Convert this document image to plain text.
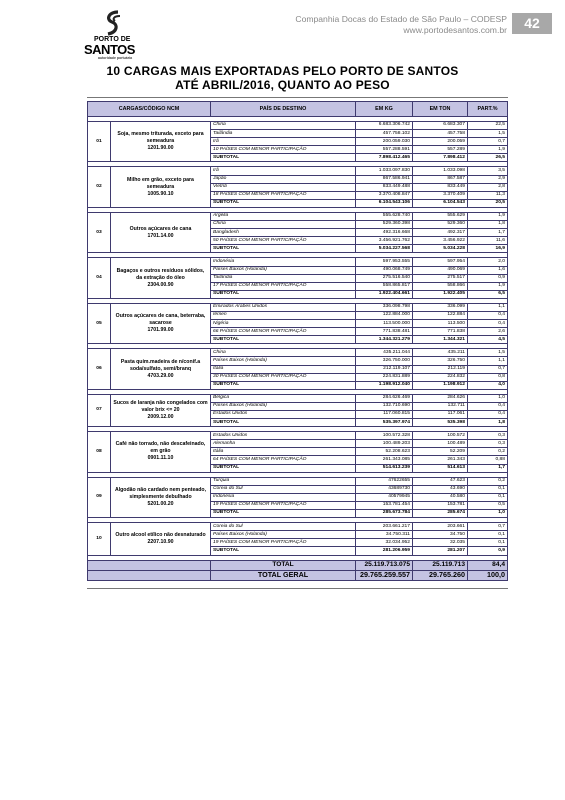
PORTO DE
SANTOS
autoridade portuária
Companhia Docas do Estado de São Paulo – CODESP
www.portodesantos.com.br	42
10 CARGAS MAIS EXPORTADAS PELO PORTO DE SANTOS
ATÉ ABRIL/2016, QUANTO AO PESO
CARGAS/CÓDIGO NCM		PAÍS DE DESTINO	EM KG	EM TON	PART.%

01	Soja, mesmo triturada, exceto para semeadura
1201.90.00	China	6.683.306.742	6.683.307	22,5
		Tailândia	457.758.102	457.758	1,5
		Irã	200.059.030	200.059	0,7
		10 PAÍSES COM MENOR PARTICIPAÇÃO	557.288.591	557.289	1,9
		SUBTOTAL	7.898.412.465	7.898.412	26,5

02	Milho em grão, exceto para semeadura
1005.90.10	Irã	1.033.097.830	1.033.098	3,5
		Japão	867.586.941	867.587	2,9
		Vietnã	833.449.488	833.449	2,8
		18 PAÍSES COM MENOR PARTICIPAÇÃO	3.370.408.847	3.370.409	11,3
		SUBTOTAL	6.104.543.106	6.104.543	20,5

03	Outros açúcares de cana
1701.14.00	Argélia	555.628.740	555.629	1,9
		China	529.360.398	529.360	1,8
		Bangladesh	492.316.668	492.317	1,7
		50 PAÍSES COM MENOR PARTICIPAÇÃO	3.456.921.762	3.456.922	11,6
		SUBTOTAL	5.034.227.568	5.034.228	16,9

04	Bagaços e outros resíduos sólidos, da extração do óleo
2304.00.90	Indonésia	597.953.555	597.954	2,0
		Países Baixos (Holanda)	490.068.749	490.069	1,6
		Tailândia	275.516.540	275.517	0,9
		17 PAÍSES COM MENOR PARTICIPAÇÃO	558.865.817	558.866	1,9
		SUBTOTAL	1.922.404.661	1.922.405	6,5

05	Outros açúcares de cana, beterraba, sacarose
1701.99.00	Emirados Árabes Unidos	336.098.798	336.099	1,1
		Iêmen	122.884.000	122.884	0,4
		Nigéria	113.500.000	113.500	0,4
		66 PAÍSES COM MENOR PARTICIPAÇÃO	771.838.481	771.838	2,6
		SUBTOTAL	1.344.321.279	1.344.321	4,5

06	Pasta quím.madeira de n/conif.a soda/sulfato, semi/branq
4703.29.00	China	435.211.044	435.211	1,5
		Países Baixos (Holanda)	326.750.000	326.750	1,1
		Itália	212.119.107	212.119	0,7
		30 PAÍSES COM MENOR PARTICIPAÇÃO	224.831.889	224.832	0,8
		SUBTOTAL	1.198.912.040	1.198.912	4,0

07	Sucos de laranja não congelados com valor brix <= 20
2009.12.00	Bélgica	284.626.469	284.626	1,0
		Países Baixos (Holanda)	132.710.690	132.711	0,4
		Estados Unidos	117.060.815	117.061	0,4
		SUBTOTAL	535.397.974	535.398	1,8

08	Café não torrado, não descafeinado, em grão
0901.11.10	Estados Unidos	100.572.328	100.572	0,3
		Alemanha	100.489.203	100.489	0,3
		Itália	52.208.623	52.209	0,2
		64 PAÍSES COM MENOR PARTICIPAÇÃO	261.343.085	261.343	0,88
		SUBTOTAL	514.613.239	514.613	1,7

09	Algodão não cardado nem penteado, simplesmente debulhado
5201.00.20	Turquia	47622655	47.623	0,2
		Coreia do Sul	43689730	43.690	0,1
		Indonésia	40579945	40.580	0,1
		19 PAÍSES COM MENOR PARTICIPAÇÃO	153.781.454	153.781	0,5
		SUBTOTAL	285.673.784	285.674	1,0

10	Outro alcool etílico não desnaturado
2207.10.90	Coreia do Sul	203.661.217	203.661	0,7
		Países Baixos (Holanda)	34.750.311	34.750	0,1
		19 PAÍSES COM MENOR PARTICIPAÇÃO	32.034.952	32.035	0,1
		SUBTOTAL	281.206.959	281.207	0,9

		TOTAL	25.119.713.075	25.119.713	84,4
		TOTAL GERAL	29.765.259.557	29.765.260	100,0
